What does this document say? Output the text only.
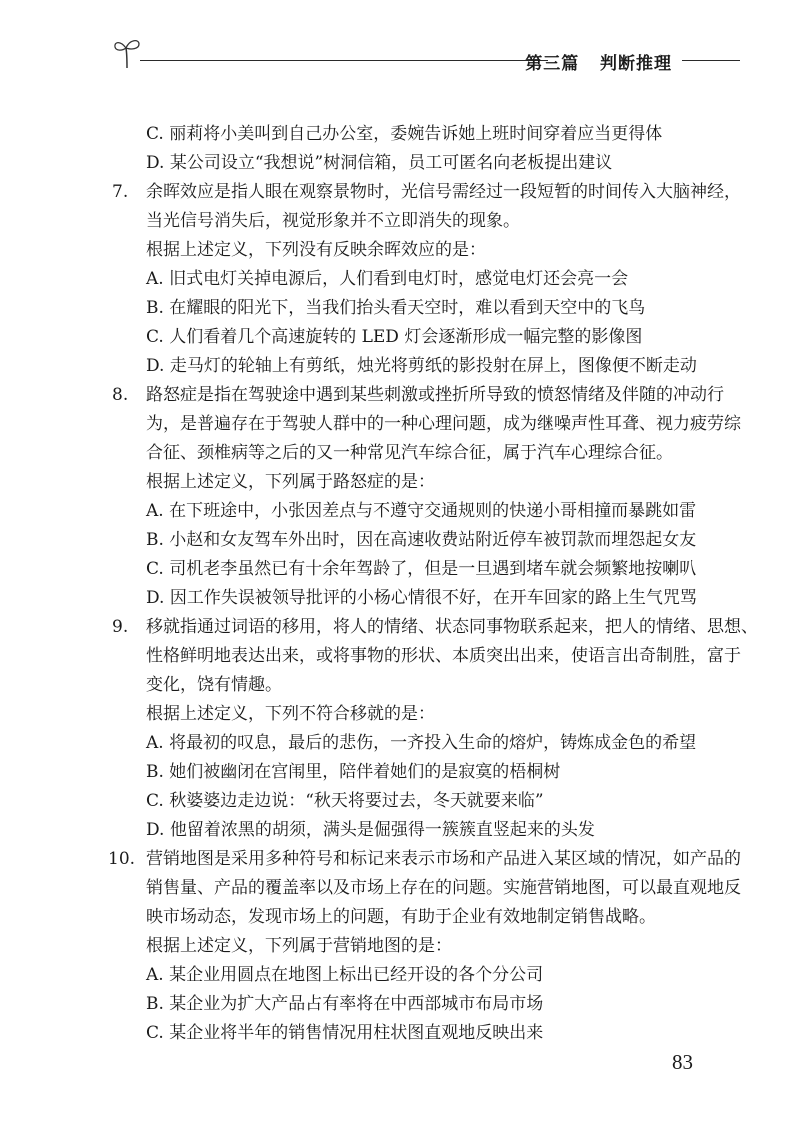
第三篇 判断推理
C. 丽莉将小美叫到自己办公室，委婉告诉她上班时间穿着应当更得体
D. 某公司设立“我想说”树洞信箱，员工可匿名向老板提出建议
7. 余晖效应是指人眼在观察景物时，光信号需经过一段短暂的时间传入大脑神经，
当光信号消失后，视觉形象并不立即消失的现象。
根据上述定义，下列没有反映余晖效应的是：
A. 旧式电灯关掉电源后，人们看到电灯时，感觉电灯还会亮一会
B. 在耀眼的阳光下，当我们抬头看天空时，难以看到天空中的飞鸟
C. 人们看着几个高速旋转的 LED 灯会逐渐形成一幅完整的影像图
D. 走马灯的轮轴上有剪纸，烛光将剪纸的影投射在屏上，图像便不断走动
8. 路怒症是指在驾驶途中遇到某些刺激或挫折所导致的愤怒情绪及伴随的冲动行
为，是普遍存在于驾驶人群中的一种心理问题，成为继噪声性耳聋、视力疲劳综
合征、颈椎病等之后的又一种常见汽车综合征，属于汽车心理综合征。
根据上述定义，下列属于路怒症的是：
A. 在下班途中，小张因差点与不遵守交通规则的快递小哥相撞而暴跳如雷
B. 小赵和女友驾车外出时，因在高速收费站附近停车被罚款而埋怨起女友
C. 司机老李虽然已有十余年驾龄了，但是一旦遇到堵车就会频繁地按喇叭
D. 因工作失误被领导批评的小杨心情很不好，在开车回家的路上生气咒骂
9. 移就指通过词语的移用，将人的情绪、状态同事物联系起来，把人的情绪、思想、
性格鲜明地表达出来，或将事物的形状、本质突出出来，使语言出奇制胜，富于
变化，饶有情趣。
根据上述定义，下列不符合移就的是：
A. 将最初的叹息，最后的悲伤，一齐投入生命的熔炉，铸炼成金色的希望
B. 她们被幽闭在宫闱里，陪伴着她们的是寂寞的梧桐树
C. 秋婆婆边走边说：“秋天将要过去，冬天就要来临”
D. 他留着浓黑的胡须，满头是倔强得一簇簇直竖起来的头发
10. 营销地图是采用多种符号和标记来表示市场和产品进入某区域的情况，如产品的
销售量、产品的覆盖率以及市场上存在的问题。实施营销地图，可以最直观地反
映市场动态，发现市场上的问题，有助于企业有效地制定销售战略。
根据上述定义，下列属于营销地图的是：
A. 某企业用圆点在地图上标出已经开设的各个分公司
B. 某企业为扩大产品占有率将在中西部城市布局市场
C. 某企业将半年的销售情况用柱状图直观地反映出来
83
